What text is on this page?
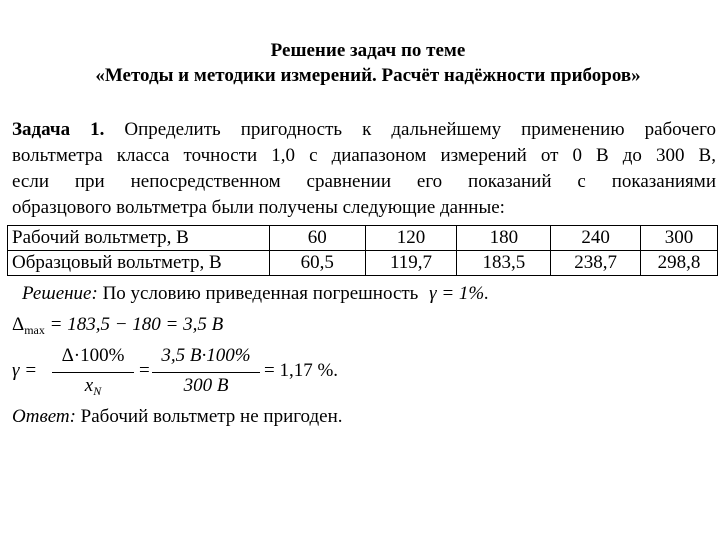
Решение задач по теме
«Методы и методики измерений. Расчёт надёжности приборов»
Задача 1. Определить пригодность к дальнейшему применению рабочего
вольтметра класса точности 1,0 с диапазоном измерений от 0 В до 300 В,
если при непосредственном сравнении его показаний с показаниями
образцового вольтметра были получены следующие данные:
Рабочий вольтметр, В	60	120	180	240	300
Образцовый вольтметр, В	60,5	119,7	183,5	238,7	298,8
Решение: По условию приведенная погрешность γ = 1%.
$\Delta_{max} = 183,5 - 180 = 3,5$ B
γ =
Δ·100%
$x_N$
=
3,5 B·100%
300 B
= 1,17 %.
Ответ: Рабочий вольтметр не пригоден.
